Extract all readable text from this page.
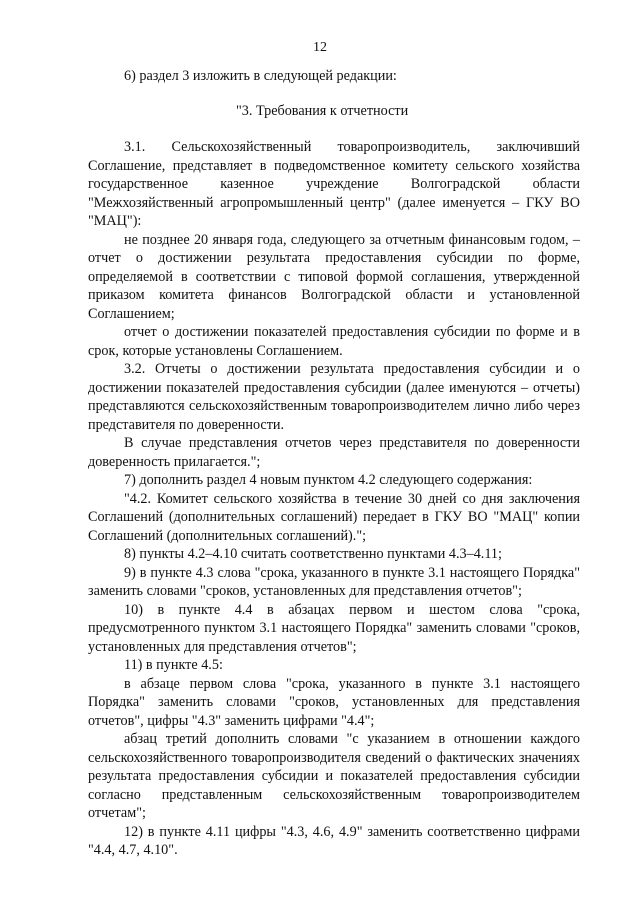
12

6) раздел 3 изложить в следующей редакции:

"3. Требования к отчетности

3.1. Сельскохозяйственный товаропроизводитель, заключивший Соглашение, представляет в подведомственное комитету сельского хозяйства государственное казенное учреждение Волгоградской области "Межхозяйственный агропромышленный центр" (далее именуется – ГКУ ВО "МАЦ"):

не позднее 20 января года, следующего за отчетным финансовым годом, – отчет о достижении результата предоставления субсидии по форме, определяемой в соответствии с типовой формой соглашения, утвержденной приказом комитета финансов Волгоградской области и установленной Соглашением;

отчет о достижении показателей предоставления субсидии по форме и в срок, которые установлены Соглашением.

3.2. Отчеты о достижении результата предоставления субсидии и о достижении показателей предоставления субсидии (далее именуются – отчеты) представляются сельскохозяйственным товаропроизводителем лично либо через представителя по доверенности.

В случае представления отчетов через представителя по доверенности доверенность прилагается.";

7) дополнить раздел 4 новым пунктом 4.2 следующего содержания:

"4.2. Комитет сельского хозяйства в течение 30 дней со дня заключения Соглашений (дополнительных соглашений) передает в ГКУ ВО "МАЦ" копии Соглашений (дополнительных соглашений).";

8) пункты 4.2–4.10 считать соответственно пунктами 4.3–4.11;

9) в пункте 4.3 слова "срока, указанного в пункте 3.1 настоящего Порядка" заменить словами "сроков, установленных для представления отчетов";

10) в пункте 4.4 в абзацах первом и шестом слова "срока, предусмотренного пунктом 3.1 настоящего Порядка" заменить словами "сроков, установленных для представления отчетов";

11) в пункте 4.5:

в абзаце первом слова "срока, указанного в пункте 3.1 настоящего Порядка" заменить словами "сроков, установленных для представления отчетов", цифры "4.3" заменить цифрами "4.4";

абзац третий дополнить словами "с указанием в отношении каждого сельскохозяйственного товаропроизводителя сведений о фактических значениях результата предоставления субсидии и показателей предоставления субсидии согласно представленным сельскохозяйственным товаропроизводителем отчетам";

12) в пункте 4.11 цифры "4.3, 4.6, 4.9" заменить соответственно цифрами "4.4, 4.7, 4.10".
